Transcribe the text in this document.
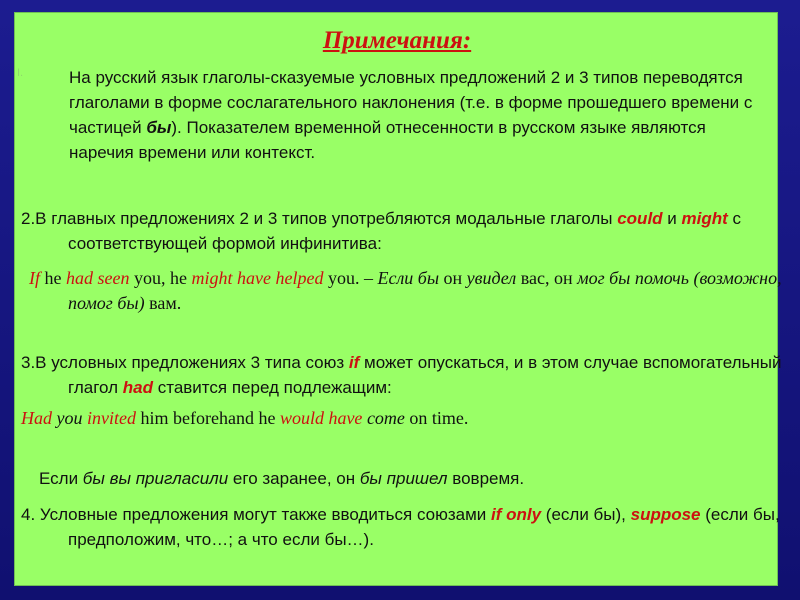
Примечания:
I.	На русский язык глаголы-сказуемые условных предложений 2 и 3 типов переводятся глаголами в форме сослагательного наклонения (т.е. в форме прошедшего времени с частицей бы). Показателем временной отнесенности в русском языке являются наречия времени или контекст.
2.В главных предложениях 2 и 3 типов употребляются модальные глаголы could и might с соответствующей формой инфинитива:
If he had seen you, he might have helped you. – Если бы он увидел вас, он мог бы помочь (возможно, помог бы) вам.
3.В условных предложениях 3 типа союз if может опускаться, и в этом случае вспомогательный глагол had ставится перед подлежащим:
Had you invited him beforehand he would have come on time.
Если бы вы пригласили его заранее, он бы пришел вовремя.
4. Условные предложения могут также вводиться союзами if only (если бы), suppose (если бы, предположим, что…; а что если бы…).
